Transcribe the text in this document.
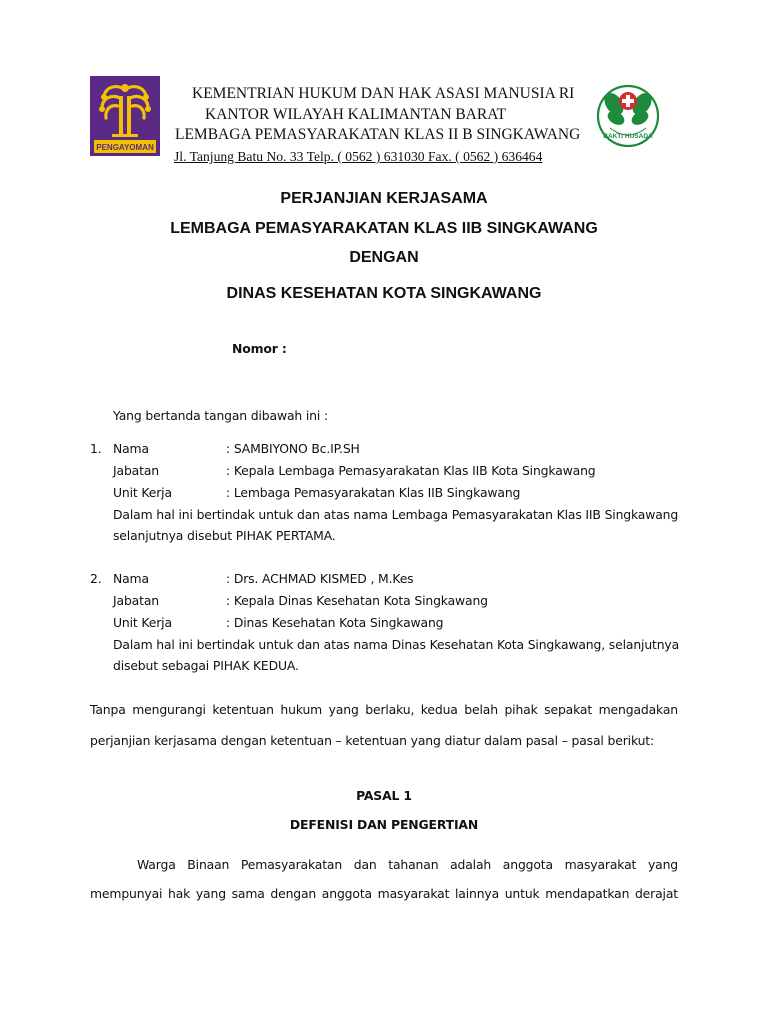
PENGAYOMAN
KEMENTRIAN HUKUM DAN HAK ASASI MANUSIA RI
KANTOR WILAYAH KALIMANTAN BARAT
LEMBAGA PEMASYARAKATAN KLAS II B SINGKAWANG
Jl. Tanjung Batu No. 33 Telp. ( 0562 ) 631030 Fax. ( 0562 ) 636464
BAKTI HUSADA
PERJANJIAN KERJASAMA
LEMBAGA PEMASYARAKATAN KLAS IIB SINGKAWANG
DENGAN
DINAS KESEHATAN KOTA SINGKAWANG
Nomor :
Yang bertanda tangan dibawah ini :
1. Nama	: SAMBIYONO Bc.IP.SH
Jabatan	: Kepala Lembaga Pemasyarakatan Klas IIB Kota Singkawang
Unit Kerja	: Lembaga Pemasyarakatan Klas IIB Singkawang
Dalam hal ini bertindak untuk dan atas nama Lembaga Pemasyarakatan Klas IIB Singkawang
selanjutnya disebut PIHAK PERTAMA.
2. Nama	: Drs. ACHMAD KISMED , M.Kes
Jabatan	: Kepala Dinas Kesehatan Kota Singkawang
Unit Kerja	: Dinas Kesehatan Kota Singkawang
Dalam hal ini bertindak untuk dan atas nama Dinas Kesehatan Kota Singkawang, selanjutnya
disebut sebagai PIHAK KEDUA.
Tanpa mengurangi ketentuan hukum yang berlaku, kedua belah pihak sepakat mengadakan
perjanjian kerjasama dengan ketentuan – ketentuan yang diatur dalam pasal – pasal berikut:
PASAL 1
DEFENISI DAN PENGERTIAN
Warga Binaan Pemasyarakatan dan tahanan adalah anggota masyarakat yang
mempunyai hak yang sama dengan anggota masyarakat lainnya untuk mendapatkan derajat
